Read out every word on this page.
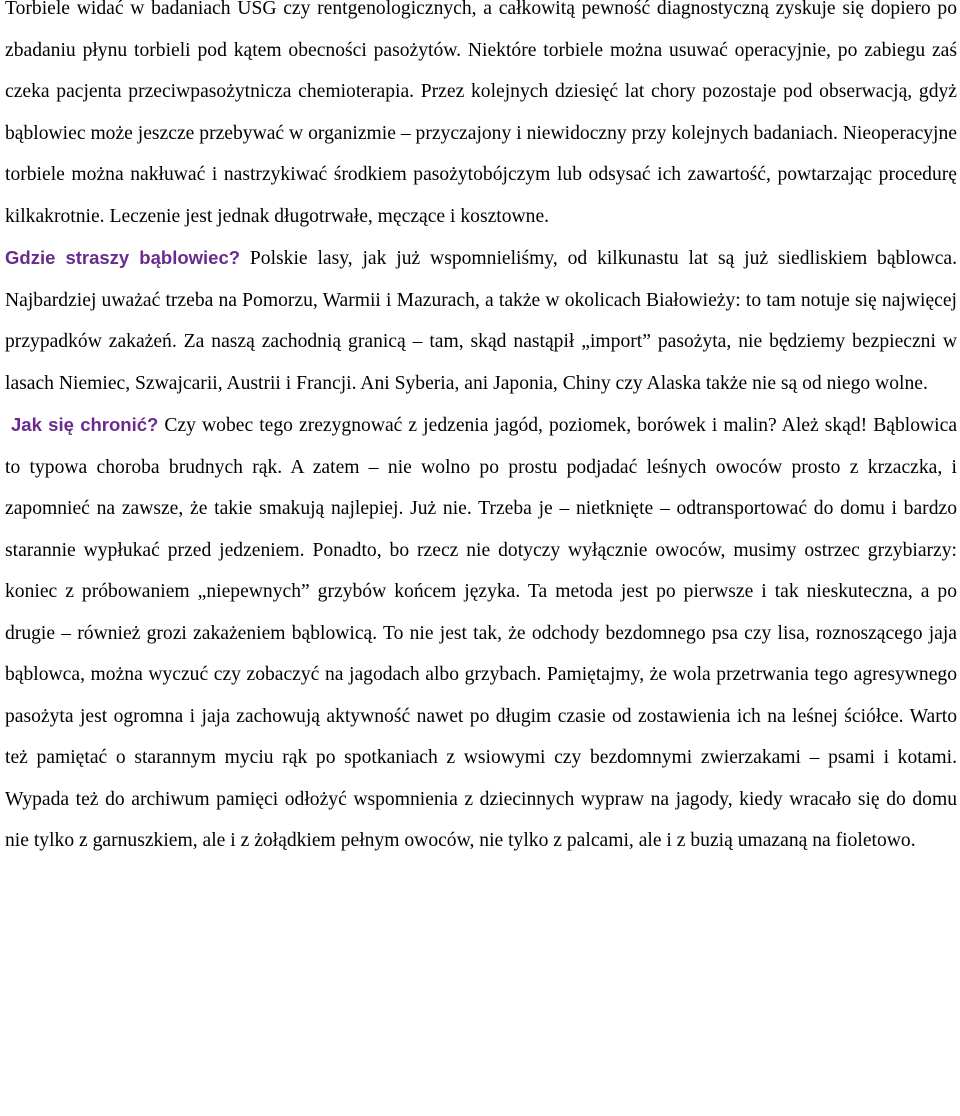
Torbiele widać w badaniach USG czy rentgenologicznych, a całkowitą pewność diagnostyczną zyskuje się dopiero po zbadaniu płynu torbieli pod kątem obecności pasożytów. Niektóre torbiele można usuwać operacyjnie, po zabiegu zaś czeka pacjenta przeciwpasożytnicza chemioterapia. Przez kolejnych dziesięć lat chory pozostaje pod obserwacją, gdyż bąblowiec może jeszcze przebywać w organizmie – przyczajony i niewidoczny przy kolejnych badaniach. Nieoperacyjne torbiele można nakłuwać i nastrzykiwać środkiem pasożytobójczym lub odsysać ich zawartość, powtarzając procedurę kilkakrotnie. Leczenie jest jednak długotrwałe, męczące i kosztowne.

Gdzie straszy bąblowiec? Polskie lasy, jak już wspomnieliśmy, od kilkunastu lat są już siedliskiem bąblowca. Najbardziej uważać trzeba na Pomorzu, Warmii i Mazurach, a także w okolicach Białowieży: to tam notuje się najwięcej przypadków zakażeń. Za naszą zachodnią granicą – tam, skąd nastąpił „import” pasożyta, nie będziemy bezpieczni w lasach Niemiec, Szwajcarii, Austrii i Francji. Ani Syberia, ani Japonia, Chiny czy Alaska także nie są od niego wolne.

Jak się chronić? Czy wobec tego zrezygnować z jedzenia jagód, poziomek, borówek i malin? Ależ skąd! Bąblowica to typowa choroba brudnych rąk. A zatem – nie wolno po prostu podjadać leśnych owoców prosto z krzaczka, i zapomnieć na zawsze, że takie smakują najlepiej. Już nie. Trzeba je – nietknięte – odtransportować do domu i bardzo starannie wypłukać przed jedzeniem. Ponadto, bo rzecz nie dotyczy wyłącznie owoców, musimy ostrzec grzybiarzy: koniec z próbowaniem „niepewnych” grzybów końcem języka. Ta metoda jest po pierwsze i tak nieskuteczna, a po drugie – również grozi zakażeniem bąblowicą. To nie jest tak, że odchody bezdomnego psa czy lisa, roznoszącego jaja bąblowca, można wyczuć czy zobaczyć na jagodach albo grzybach. Pamiętajmy, że wola przetrwania tego agresywnego pasożyta jest ogromna i jaja zachowują aktywność nawet po długim czasie od zostawienia ich na leśnej ściółce. Warto też pamiętać o starannym myciu rąk po spotkaniach z wsiowymi czy bezdomnymi zwierzakami – psami i kotami. Wypada też do archiwum pamięci odłożyć wspomnienia z dziecinnych wypraw na jagody, kiedy wracało się do domu nie tylko z garnuszkiem, ale i z żołądkiem pełnym owoców, nie tylko z palcami, ale i z buzią umazaną na fioletowo.
